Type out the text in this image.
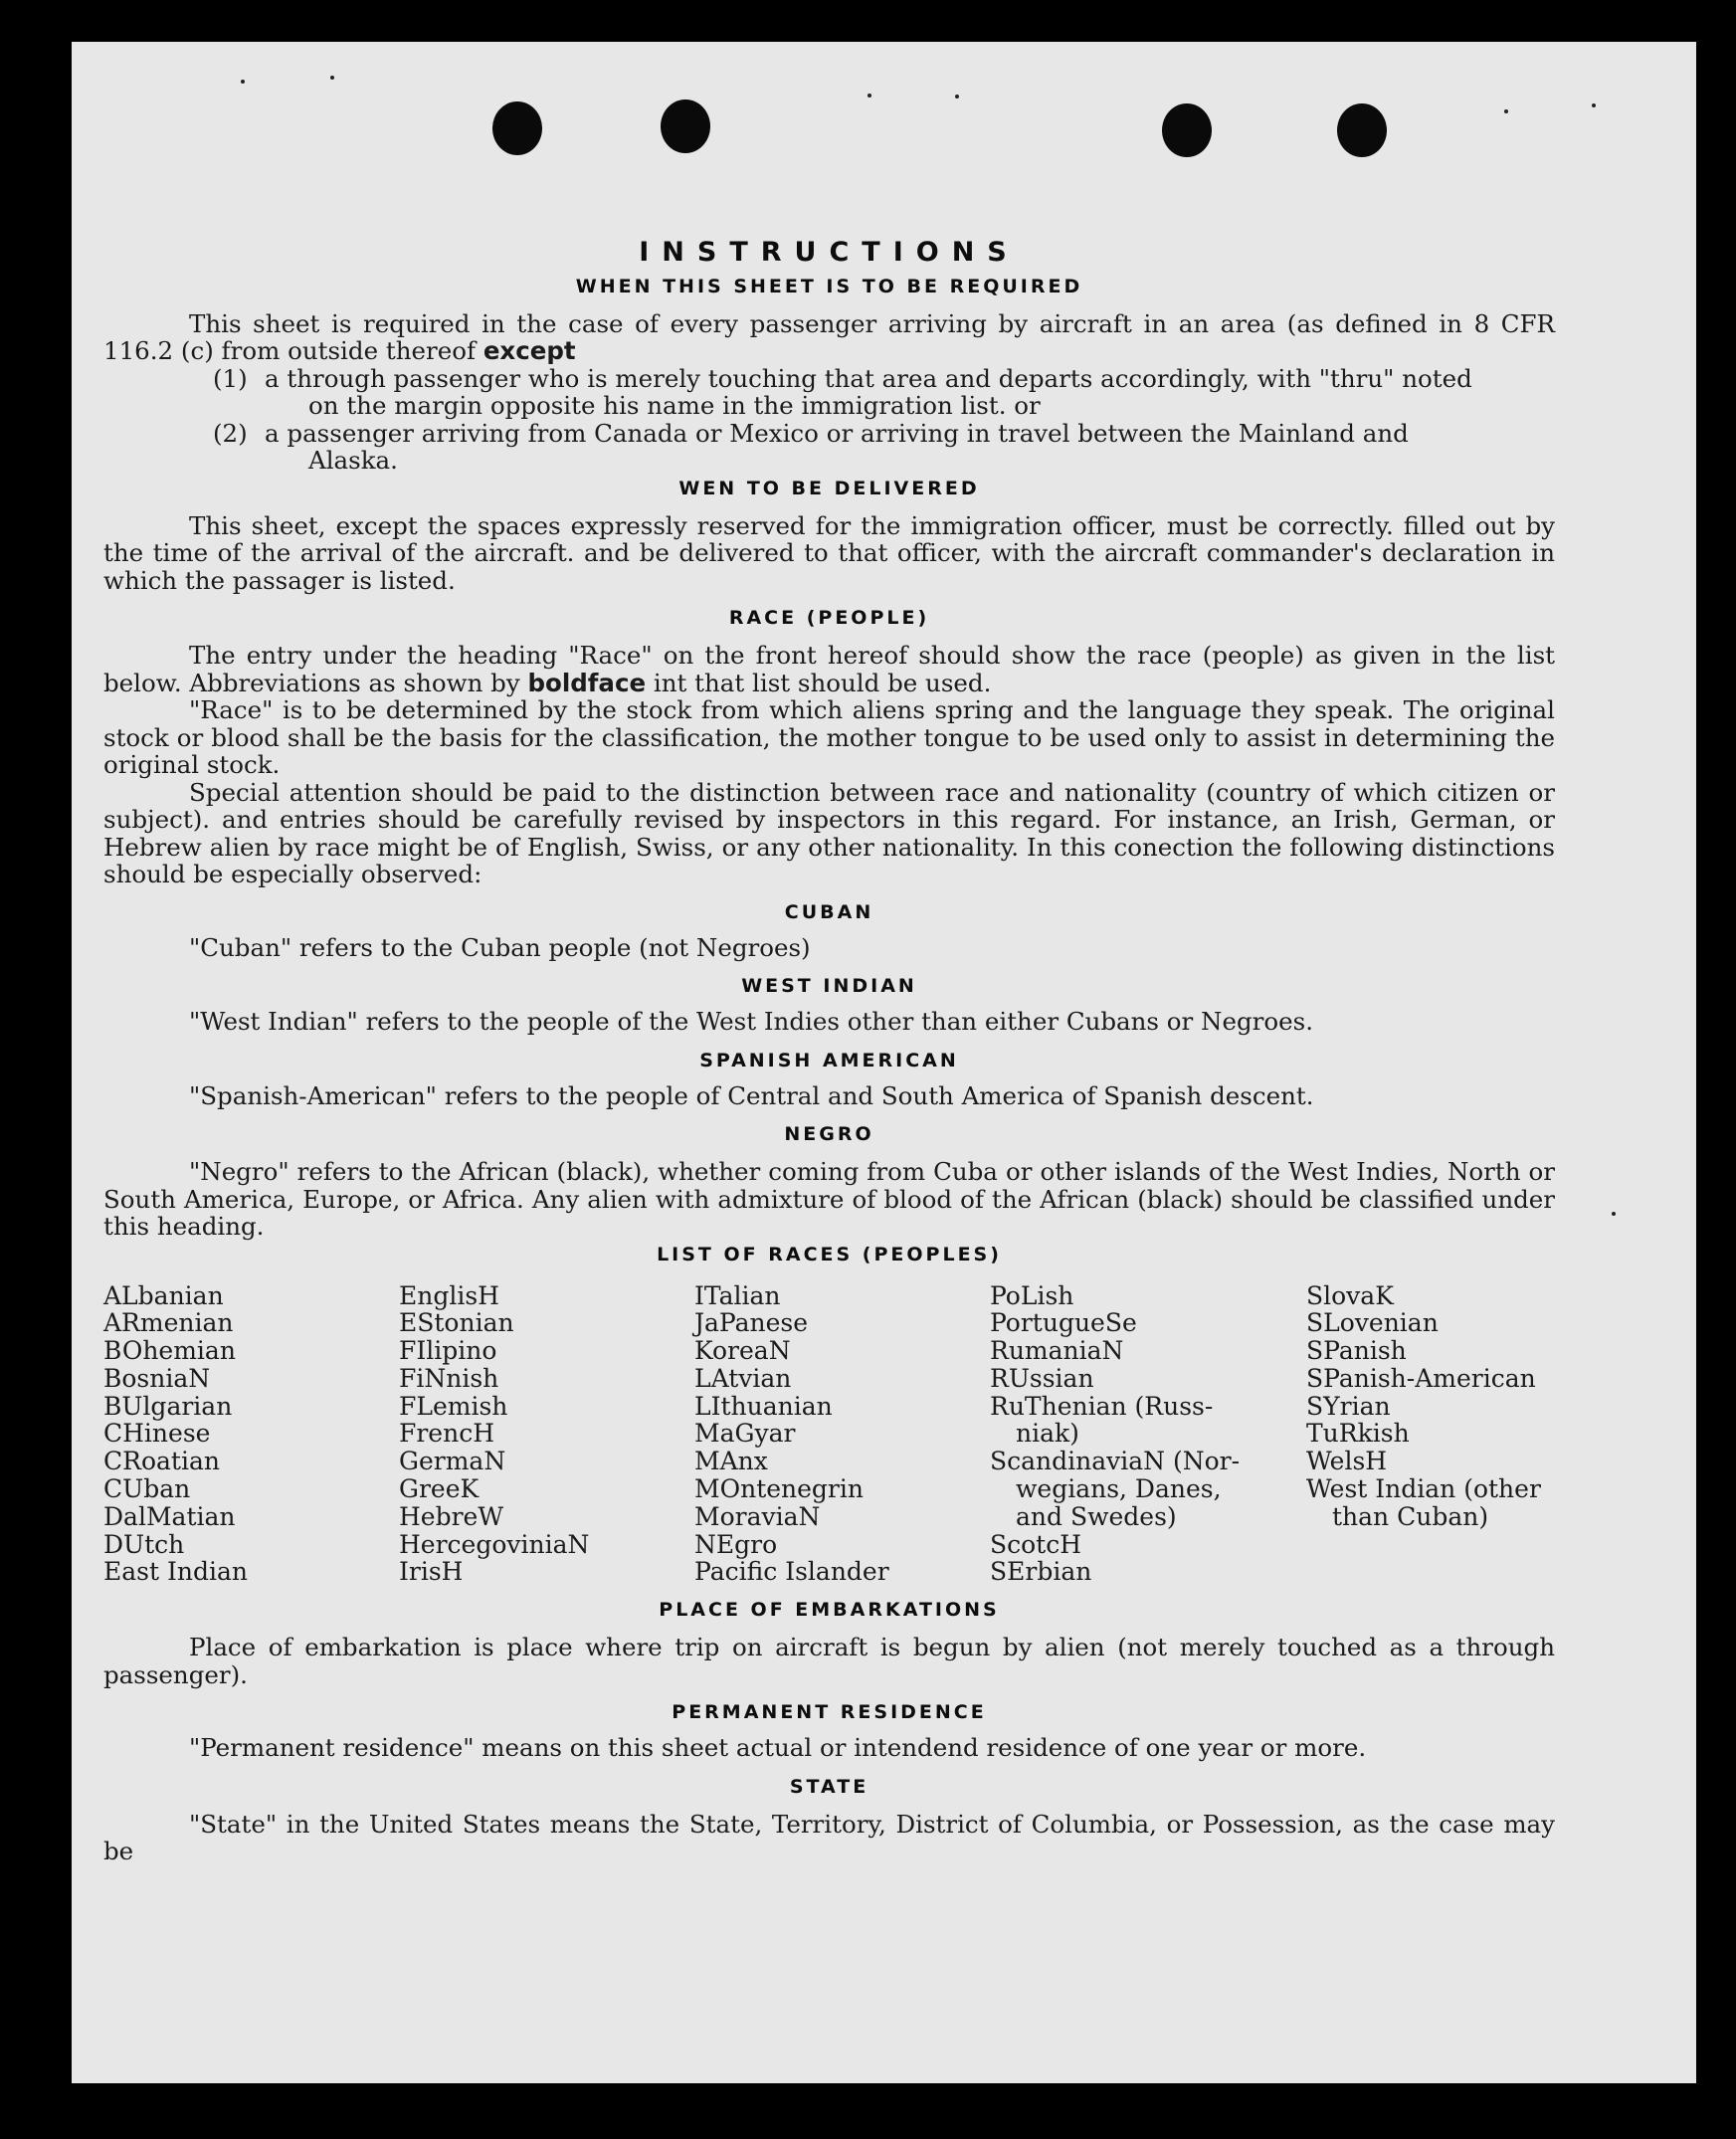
INSTRUCTIONS
WHEN THIS SHEET IS TO BE REQUIRED

This sheet is required in the case of every passenger arriving by aircraft in an area (as defined in 8 CFR 116.2 (c) from outside thereof except

(1) a through passenger who is merely touching that area and departs accordingly, with "thru" noted
on the margin opposite his name in the immigration list. or
(2) a passenger arriving from Canada or Mexico or arriving in travel between the Mainland and
Alaska.
WEN TO BE DELIVERED

This sheet, except the spaces expressly reserved for the immigration officer, must be correctly. filled out by the time of the arrival of the aircraft. and be delivered to that officer, with the aircraft commander's declaration in which the passager is listed.

RACE (PEOPLE)

The entry under the heading "Race" on the front hereof should show the race (people) as given in the list below. Abbreviations as shown by boldface int that list should be used.

"Race" is to be determined by the stock from which aliens spring and the language they speak. The original stock or blood shall be the basis for the classification, the mother tongue to be used only to assist in determining the original stock.

Special attention should be paid to the distinction between race and nationality (country of which citizen or subject). and entries should be carefully revised by inspectors in this regard. For instance, an Irish, German, or Hebrew alien by race might be of English, Swiss, or any other nationality. In this conection the following distinctions should be especially observed:

CUBAN

"Cuban" refers to the Cuban people (not Negroes)

WEST INDIAN

"West Indian" refers to the people of the West Indies other than either Cubans or Negroes.

SPANISH AMERICAN

"Spanish-American" refers to the people of Central and South America of Spanish descent.

NEGRO

"Negro" refers to the African (black), whether coming from Cuba or other islands of the West Indies, North or South America, Europe, or Africa. Any alien with admixture of blood of the African (black) should be classified under this heading.

LIST OF RACES (PEOPLES)
ALbanian
ARmenian
BOhemian
BosniaN
BUlgarian
CHinese
CRoatian
CUban
DalMatian
DUtch
East Indian
EnglisH
EStonian
FIlipino
FiNnish
FLemish
FrencH
GermaN
GreeK
HebreW
HercegoviniaN
IrisH
ITalian
JaPanese
KoreaN
LAtvian
LIthuanian
MaGyar
MAnx
MOntenegrin
MoraviaN
NEgro
Pacific Islander
PoLish
PortugueSe
RumaniaN
RUssian
RuThenian (Russ-
niak)
ScandinaviaN (Nor-
wegians, Danes,
and Swedes)
ScotcH
SErbian
SlovaK
SLovenian
SPanish
SPanish-American
SYrian
TuRkish
WelsH
West Indian (other
than Cuban)
PLACE OF EMBARKATIONS

Place of embarkation is place where trip on aircraft is begun by alien (not merely touched as a through passenger).

PERMANENT RESIDENCE

"Permanent residence" means on this sheet actual or intendend residence of one year or more.

STATE

"State" in the United States means the State, Territory, District of Columbia, or Possession, as the case may be
